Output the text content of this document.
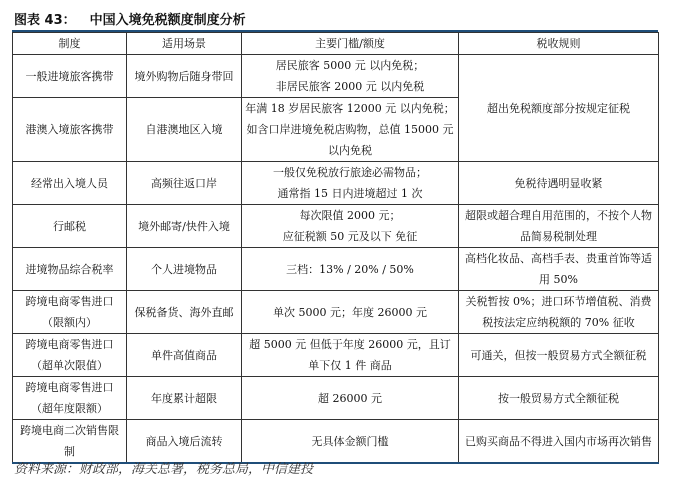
图表 43： 中国入境免税额度制度分析
制度	适用场景	主要门槛/额度	税收规则
一般进境旅客携带	境外购物后随身带回	居民旅客 5000 元 以内免税；
非居民旅客 2000 元 以内免税	超出免税额度部分按规定征税
港澳入境旅客携带	自港澳地区入境	年满 18 岁居民旅客 12000 元 以内免税；
如含口岸进境免税店购物，总值 15000 元
以内免税	

经常出入境人员	高频往返口岸	一般仅免税放行旅途必需物品；
通常指 15 日内进境超过 1 次	免税待遇明显收紧
行邮税	境外邮寄/快件入境	每次限值 2000 元；
应征税额 50 元及以下 免征	超限或超合理自用范围的，不按个人物品简易税制处理
进境物品综合税率	个人进境物品	三档：13% / 20% / 50%	高档化妆品、高档手表、贵重首饰等适用 50%
跨境电商零售进口（限额内）	保税备货、海外直邮	单次 5000 元；年度 26000 元	关税暂按 0%；进口环节增值税、消费税按法定应纳税额的 70% 征收
跨境电商零售进口（超单次限值）	单件高值商品	超 5000 元 但低于年度 26000 元，且订单下仅 1 件 商品	可通关，但按一般贸易方式全额征税
跨境电商零售进口（超年度限额）	年度累计超限	超 26000 元	按一般贸易方式全额征税
跨境电商二次销售限制	商品入境后流转	无具体金额门槛	已购买商品不得进入国内市场再次销售
资料来源：财政部，海关总署，税务总局，中信建投
